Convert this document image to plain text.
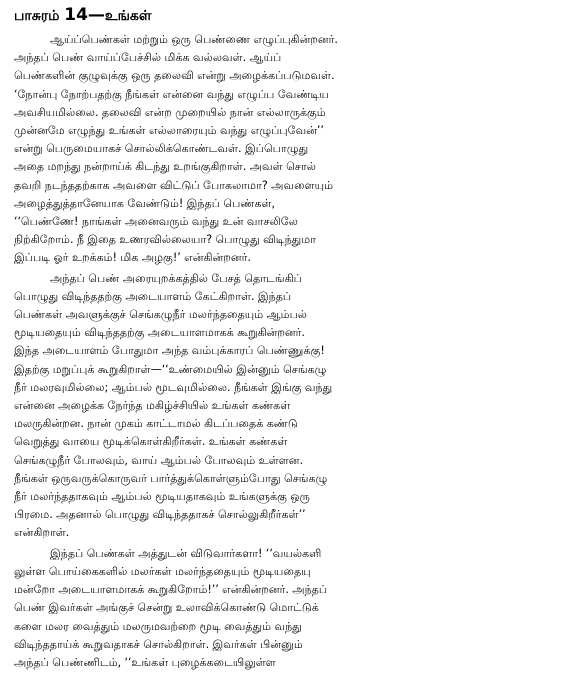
பாசுரம் 14—உங்கள்
ஆய்ப்பெண்கள் மற்றும் ஒரு பெண்ணை எழுப்புகின்றனர்.
அந்தப் பெண் வாய்ப்பேச்சில் மிக்க வல்லவள். ஆய்ப்
பெண்களின் குழுவுக்கு ஒரு தலைவி என்று அழைக்கப்படுமவள்.
‘நோன்பு நோற்பதற்கு நீங்கள் என்னை வந்து எழுப்ப வேண்டிய
அவசியமில்லை. தலைவி என்ற முறையில் நான் எல்லாருக்கும்
முன்னமே எழுந்து உங்கள் எல்லாரையும் வந்து எழுப்புவேன்’’
என்று பெருமையாகச் சொல்லிக்கொண்டவள். இப்பொழுது
அதை மறந்து நன்றாய்க் கிடந்து உறங்குகிறாள். அவள் சொல்
தவறி நடந்ததற்காக அவளை விட்டுப் போகலாமா? அவளையும்
அழைத்துத்தானேயாக வேண்டும்! இந்தப் பெண்கள்,
‘‘பெண்ணே! நாங்கள் அனைவரும் வந்து உன் வாசலிலே
நிற்கிறோம். நீ இதை உணரவில்லையா? பொழுது விடிந்துமா
இப்படி ஓர் உறக்கம்! மிக அழகு!’ என்கின்றனர்.
அந்தப் பெண் அரையுறக்கத்தில் பேசத் தொடங்கிப்
பொழுது விடிந்ததற்கு அடையாளம் கேட்கிறாள். இந்தப்
பெண்கள் அவளுக்குச் செங்கழுநீர் மலர்ந்ததையும் ஆம்பல்
மூடியதையும் விடிந்ததற்கு அடையாளமாகக் கூறுகின்றனர்.
இந்த அடையாளம் போதுமா அந்த வம்புக்காரப் பெண்ணுக்கு!
இதற்கு மறுப்புக் கூறுகிறாள்—‘‘உண்மையில் இன்னும் செங்கழு
நீர் மலரவுமில்லை; ஆம்பல் மூடவுமில்லை. நீங்கள் இங்கு வந்து
என்னை அழைக்க நேர்ந்த மகிழ்ச்சியில் உங்கள் கண்கள்
மலருகின்றன. நான் முகம் காட்டாமல் கிடப்பதைக் கண்டு
வெறுத்து வாயை மூடிக்கொள்கிறீர்கள். உங்கள் கண்கள்
செங்கழுநீர் போலவும், வாய் ஆம்பல் போலவும் உள்ளன.
நீங்கள் ஒருவருக்கொருவர் பார்த்துக்கொள்ளும்போது செங்கழு
நீர் மலர்ந்ததாகவும் ஆம்பல் மூடியதாகவும் உங்களுக்கு ஒரு
பிரமை. அதனால் பொழுது விடிந்ததாகச் சொல்லுகிறீர்கள்’’
என்கிறாள்.
இந்தப் பெண்கள் அத்துடன் விடுவார்களா! ‘‘வயல்களி
லுள்ள பொய்கைகளில் மலர்கள் மலர்ந்ததையும் மூடியதையு
மன்றோ அடையாளமாகக் கூறுகிறோம்!’’ என்கின்றனர். அந்தப்
பெண் இவர்கள் அங்குச் சென்று உலாவிக்கொண்டு மொட்டுக்
களை மலர வைத்தும் மலருமவற்றை மூடி வைத்தும் வந்து
விடிந்ததாய்க் கூறுவதாகச் சொல்கிறாள். இவர்கள் பின்னும்
அந்தப் பெண்ணிடம், ‘‘உங்கள் புழைக்கடையிலுள்ள
